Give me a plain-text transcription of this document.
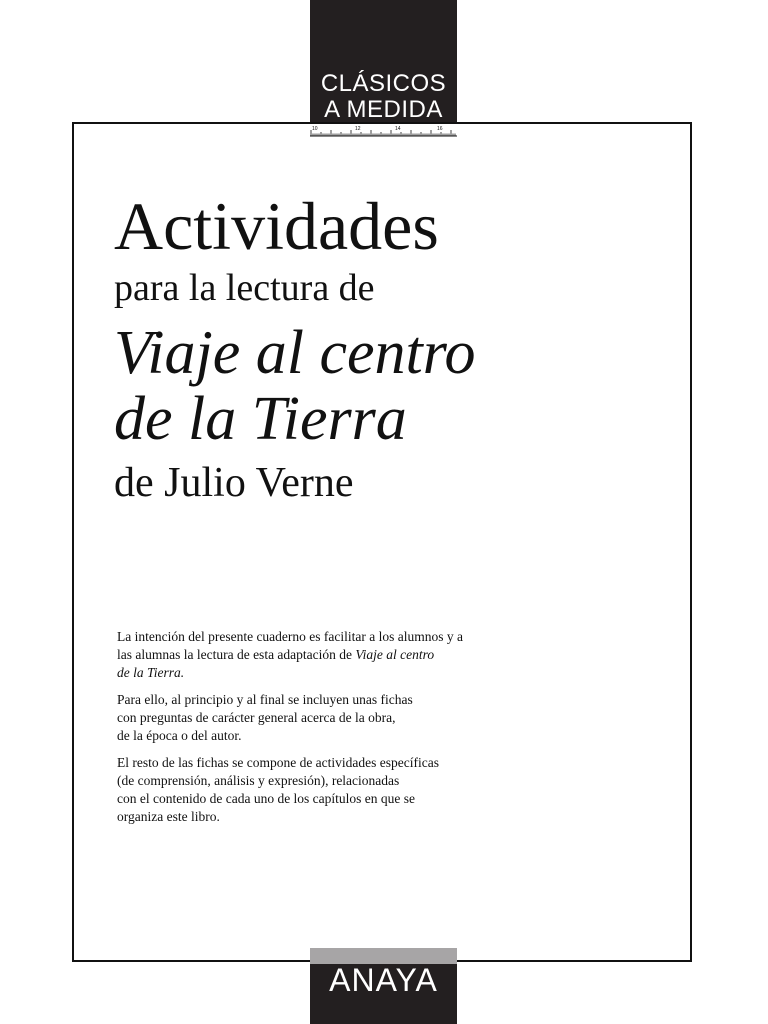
CLÁSICOS
A MEDIDA
10	12	14	16
Actividades
para la lectura de
Viaje al centro
de la Tierra
de Julio Verne

La intención del presente cuaderno es facilitar a los alumnos y a
las alumnas la lectura de esta adaptación de Viaje al centro
de la Tierra.

Para ello, al principio y al final se incluyen unas fichas
con preguntas de carácter general acerca de la obra,
de la época o del autor.

El resto de las fichas se compone de actividades específicas
(de comprensión, análisis y expresión), relacionadas
con el contenido de cada uno de los capítulos en que se
organiza este libro.

ANAYA
